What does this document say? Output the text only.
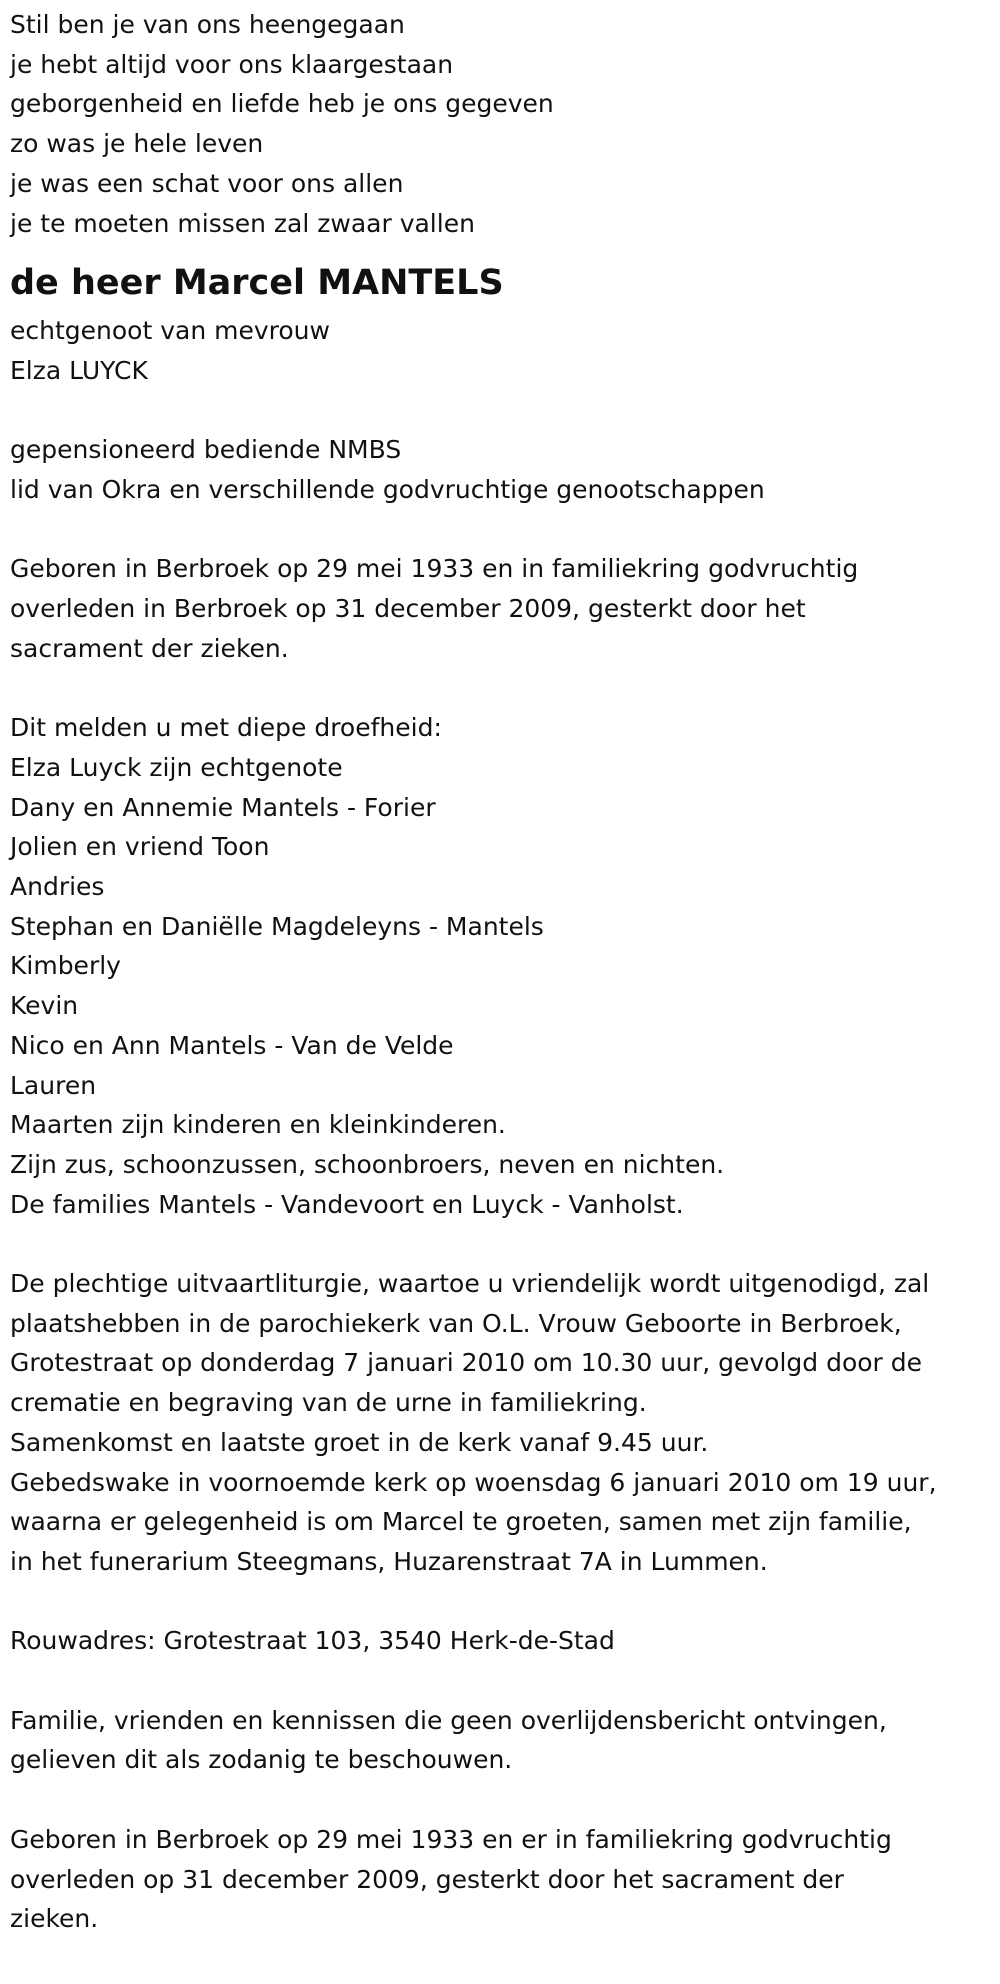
Stil ben je van ons heengegaan
je hebt altijd voor ons klaargestaan
geborgenheid en liefde heb je ons gegeven
zo was je hele leven
je was een schat voor ons allen
je te moeten missen zal zwaar vallen
de heer Marcel MANTELS
echtgenoot van mevrouw
Elza LUYCK
gepensioneerd bediende NMBS
lid van Okra en verschillende godvruchtige genootschappen
Geboren in Berbroek op 29 mei 1933 en in familiekring godvruchtig
overleden in Berbroek op 31 december 2009, gesterkt door het
sacrament der zieken.
Dit melden u met diepe droefheid:
Elza Luyck zijn echtgenote
Dany en Annemie Mantels - Forier
Jolien en vriend Toon
Andries
Stephan en Daniëlle Magdeleyns - Mantels
Kimberly
Kevin
Nico en Ann Mantels - Van de Velde
Lauren
Maarten zijn kinderen en kleinkinderen.
Zijn zus, schoonzussen, schoonbroers, neven en nichten.
De families Mantels - Vandevoort en Luyck - Vanholst.
De plechtige uitvaartliturgie, waartoe u vriendelijk wordt uitgenodigd, zal
plaatshebben in de parochiekerk van O.L. Vrouw Geboorte in Berbroek,
Grotestraat op donderdag 7 januari 2010 om 10.30 uur, gevolgd door de
crematie en begraving van de urne in familiekring.
Samenkomst en laatste groet in de kerk vanaf 9.45 uur.
Gebedswake in voornoemde kerk op woensdag 6 januari 2010 om 19 uur,
waarna er gelegenheid is om Marcel te groeten, samen met zijn familie,
in het funerarium Steegmans, Huzarenstraat 7A in Lummen.
Rouwadres: Grotestraat 103, 3540 Herk-de-Stad
Familie, vrienden en kennissen die geen overlijdensbericht ontvingen,
gelieven dit als zodanig te beschouwen.
Geboren in Berbroek op 29 mei 1933 en er in familiekring godvruchtig
overleden op 31 december 2009, gesterkt door het sacrament der
zieken.
